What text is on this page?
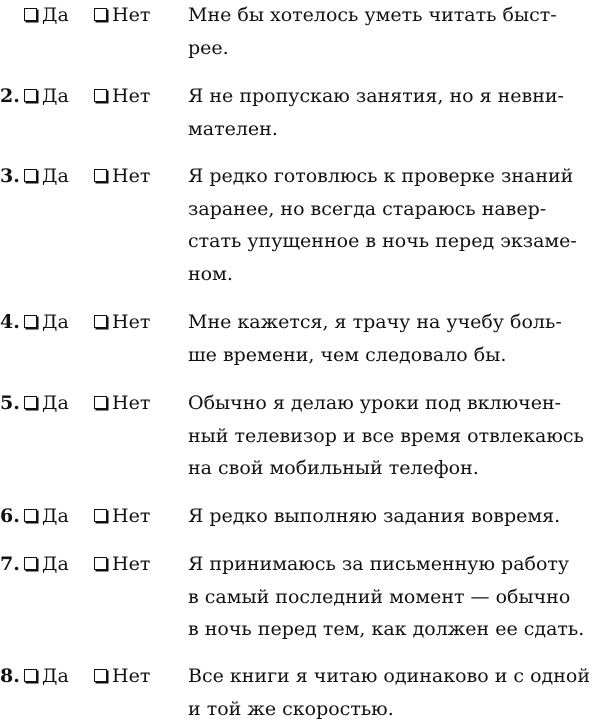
Да	Нет Мне бы хотелось уметь читать быст-
рее.
2.	Да	Нет Я не пропускаю занятия, но я невни-
мателен.
3.	Да	Нет Я редко готовлюсь к проверке знаний
заранее, но всегда стараюсь навер-
стать упущенное в ночь перед экзаме-
ном.
4.	Да	Нет Мне кажется, я трачу на учебу боль-
ше времени, чем следовало бы.
5.	Да	Нет Обычно я делаю уроки под включен-
ный телевизор и все время отвлекаюсь
на свой мобильный телефон.
6.	Да	Нет Я редко выполняю задания вовремя.
7.	Да	Нет Я принимаюсь за письменную работу
в самый последний момент — обычно
в ночь перед тем, как должен ее сдать.
8.	Да	Нет Все книги я читаю одинаково и с одной
и той же скоростью.
